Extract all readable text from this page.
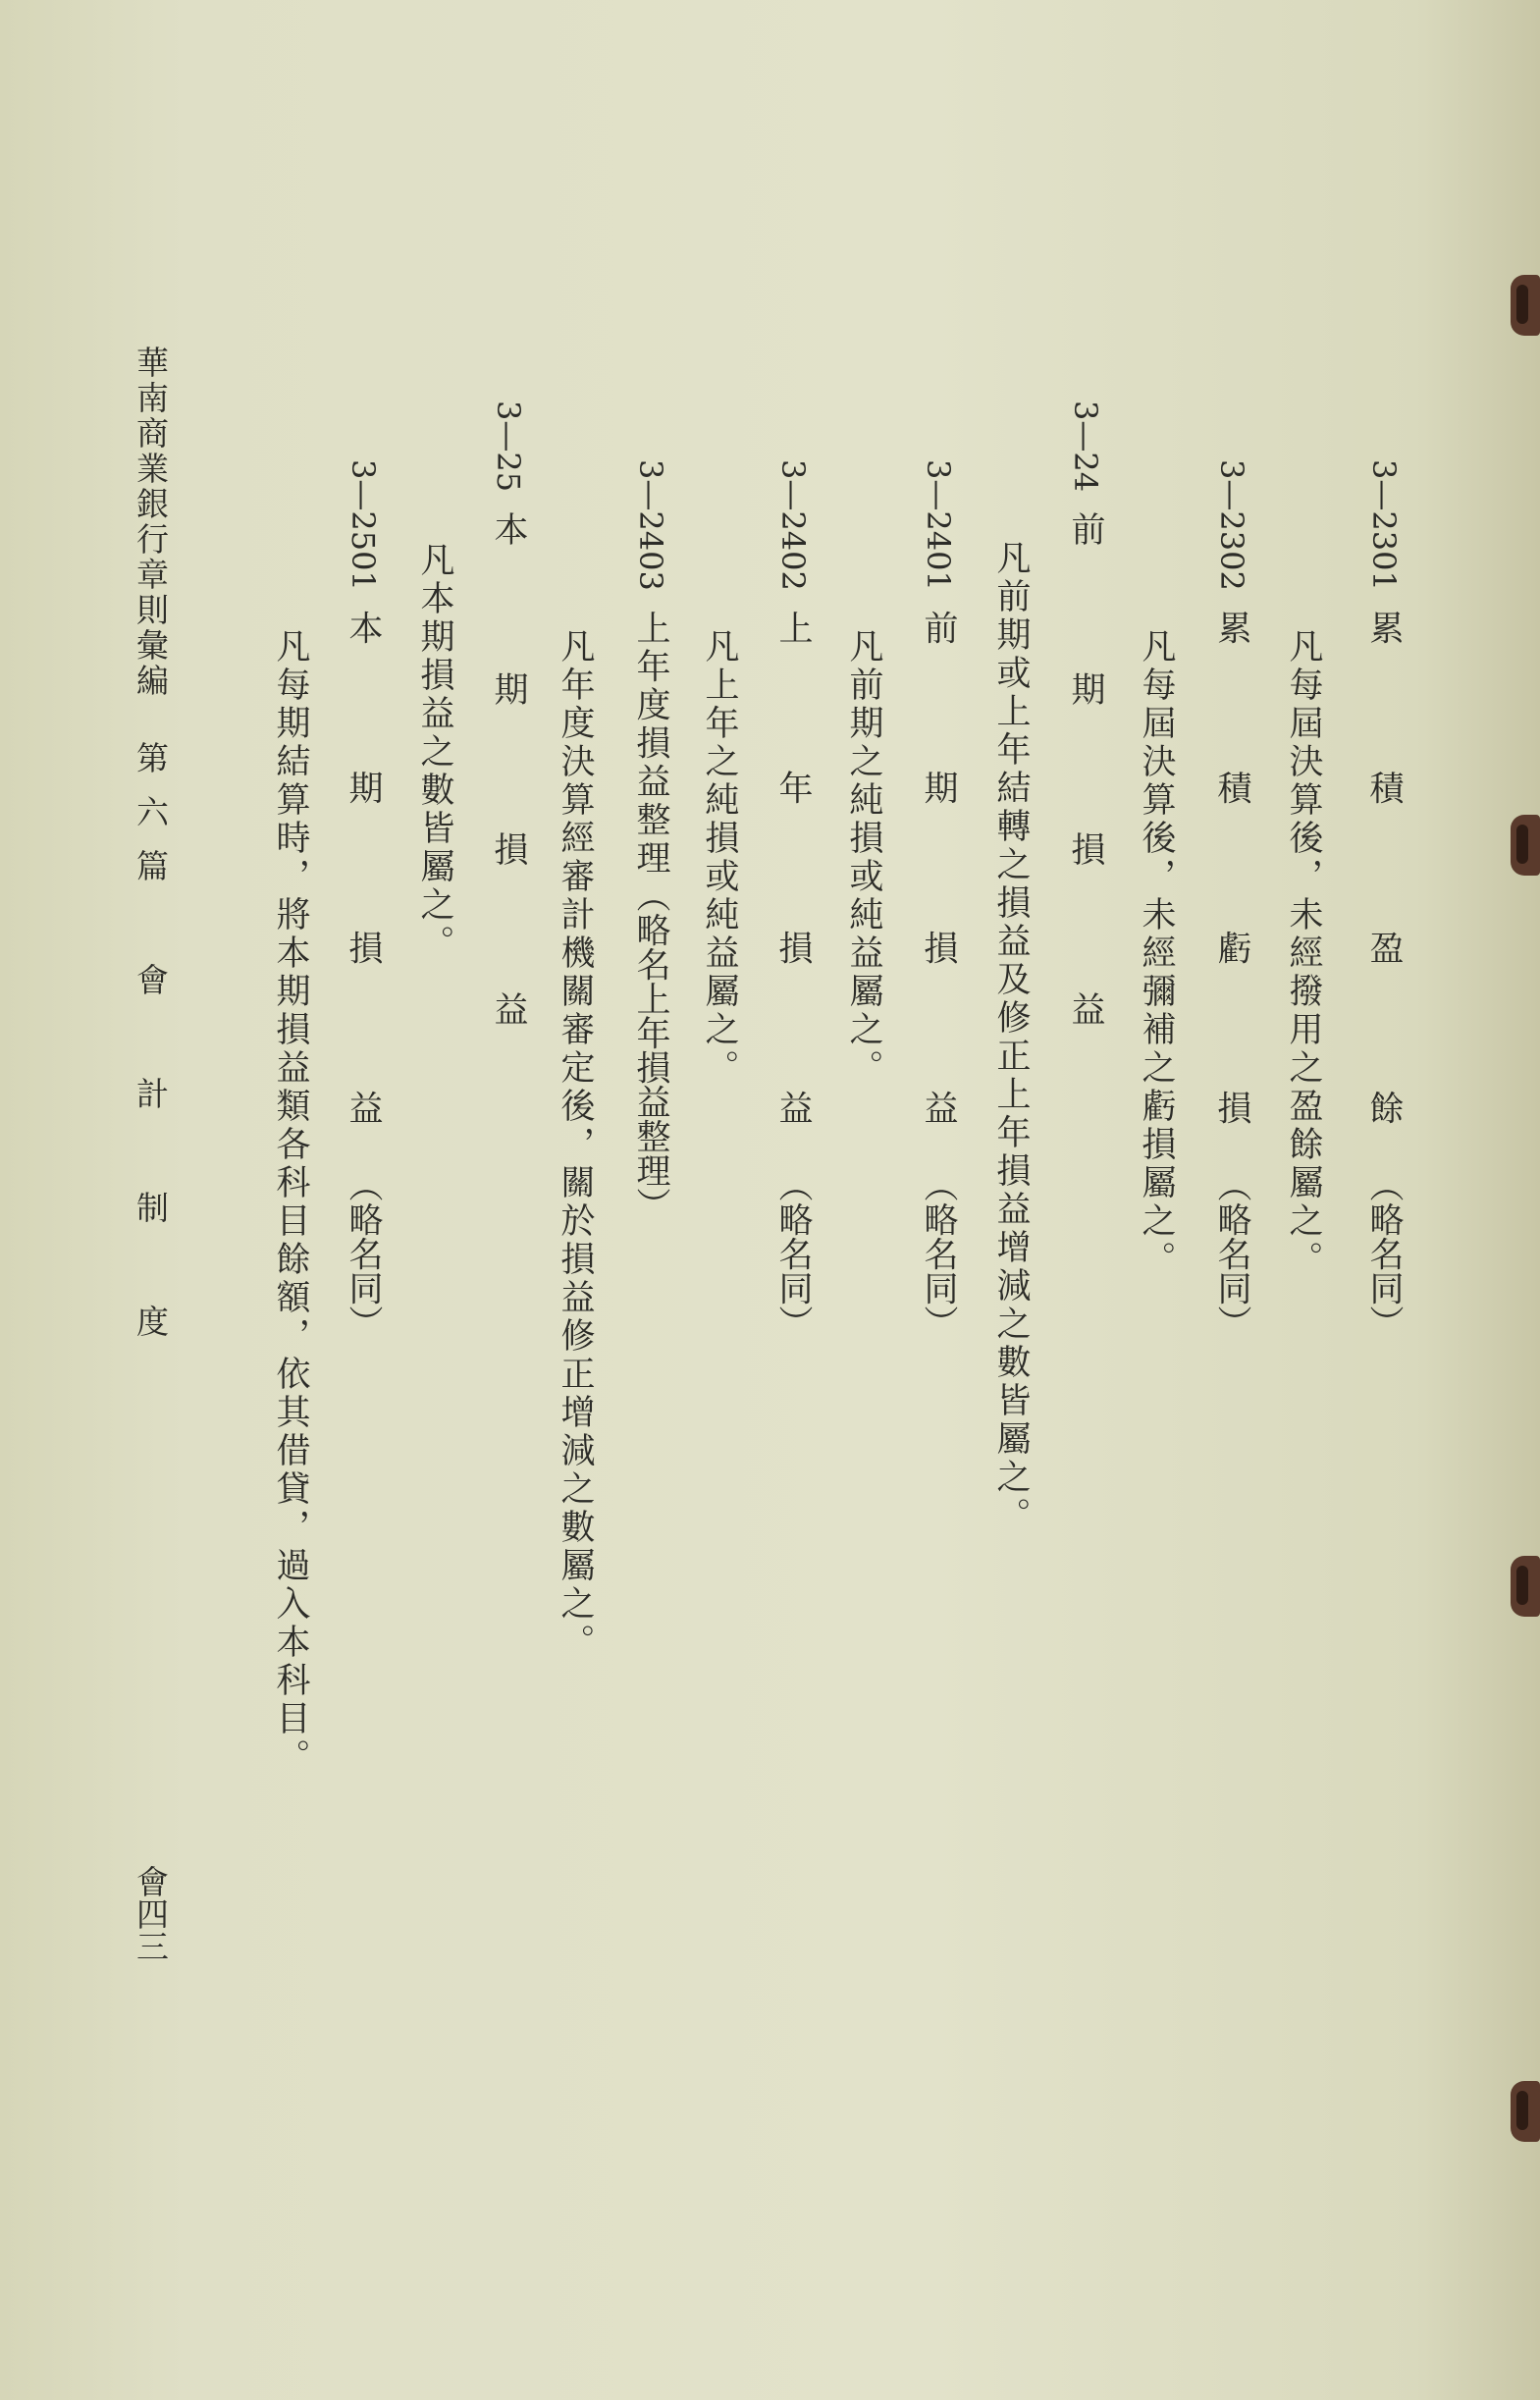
3—2301累 積 盈 餘（略名同）
凡每屆決算後，未經撥用之盈餘屬之。
3—2302累 積 虧 損（略名同）
凡每屆決算後，未經彌補之虧損屬之。
3—24前 期 損 益
凡前期或上年結轉之損益及修正上年損益增減之數皆屬之。
3—2401前 期 損 益（略名同）
凡前期之純損或純益屬之。
3—2402上 年 損 益（略名同）
凡上年之純損或純益屬之。
3—2403上年度損益整理（略名上年損益整理）
凡年度決算經審計機關審定後，關於損益修正增減之數屬之。
3—25本 期 損 益
凡本期損益之數皆屬之。
3—2501本 期 損 益（略名同）
凡每期結算時，將本期損益類各科目餘額，依其借貸，過入本科目。
華南商業銀行章則彙編
第六篇 會 計 制 度
會四三
